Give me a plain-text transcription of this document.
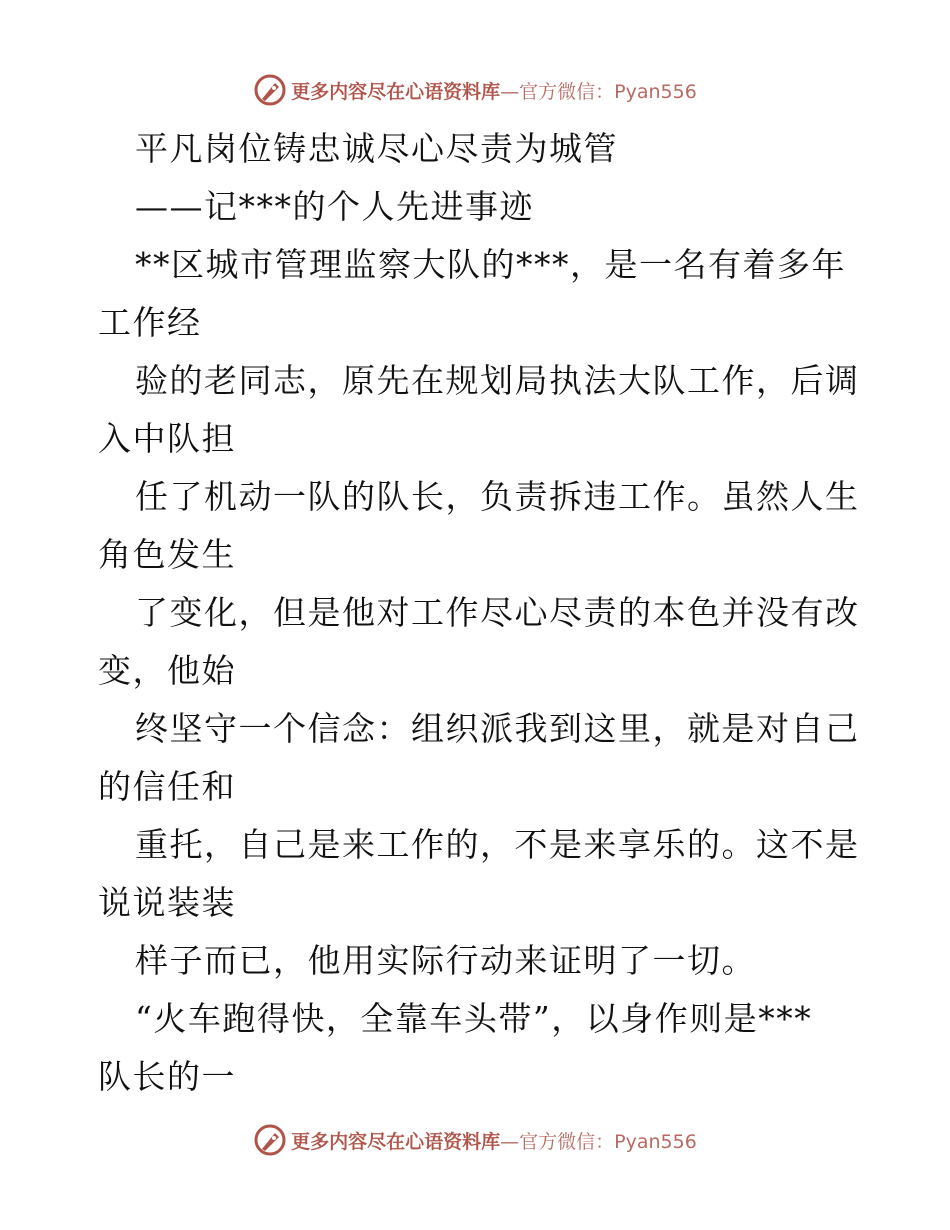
更多内容尽在心语资料库—官方微信：Pyan556
平凡岗位铸忠诚尽心尽责为城管
——记***的个人先进事迹
**区城市管理监察大队的***，是一名有着多年
工作经
验的老同志，原先在规划局执法大队工作，后调
入中队担
任了机动一队的队长，负责拆违工作。虽然人生
角色发生
了变化，但是他对工作尽心尽责的本色并没有改
变，他始
终坚守一个信念：组织派我到这里，就是对自己
的信任和
重托，自己是来工作的，不是来享乐的。这不是
说说装装
样子而已，他用实际行动来证明了一切。
“火车跑得快，全靠车头带”，以身作则是***
队长的一
更多内容尽在心语资料库—官方微信：Pyan556
